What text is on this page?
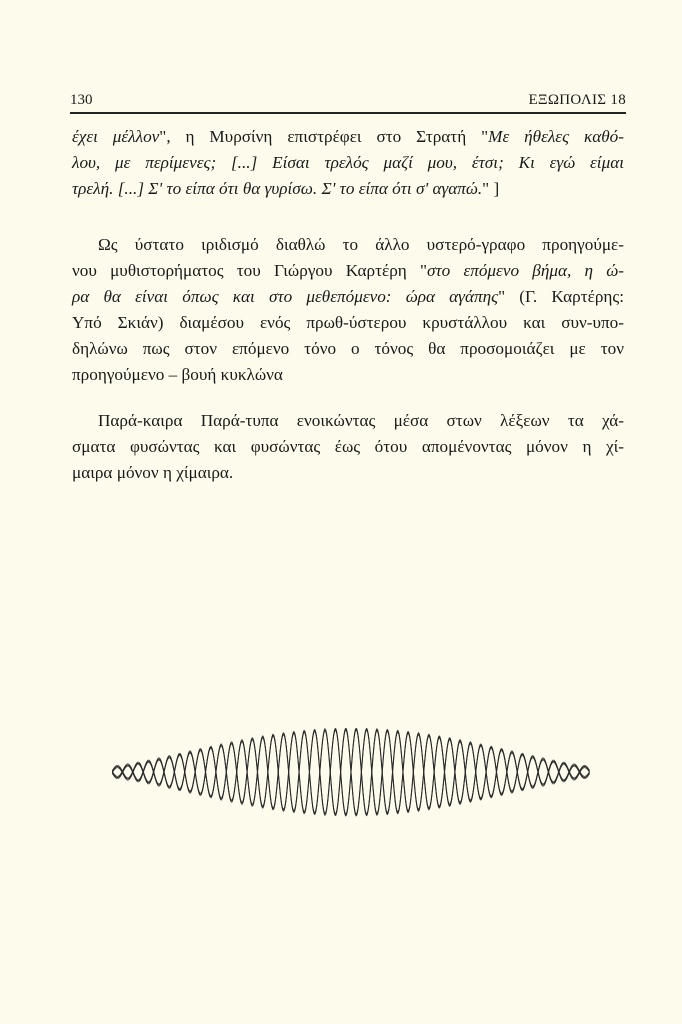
130	ΕΞΩΠΟΛΙΣ 18
έχει μέλλον", η Μυρσίνη επιστρέφει στο Στρατή "Με ήθελες καθό-
λου, με περίμενες; [...] Είσαι τρελός μαζί μου, έτσι; Κι εγώ είμαι
τρελή. [...] Σ' το είπα ότι θα γυρίσω. Σ' το είπα ότι σ' αγαπώ." ]
Ως ύστατο ιριδισμό διαθλώ το άλλο υστερό-γραφο προηγούμε-
νου μυθιστορήματος του Γιώργου Καρτέρη "στο επόμενο βήμα, η ώ-
ρα θα είναι όπως και στο μεθεπόμενο: ώρα αγάπης" (Γ. Καρτέρης:
Υπό Σκιάν) διαμέσου ενός πρωθ-ύστερου κρυστάλλου και συν-υπο-
δηλώνω πως στον επόμενο τόνο ο τόνος θα προσομοιάζει με τον
προηγούμενο – βουή κυκλώνα
Παρά-καιρα Παρά-τυπα ενοικώντας μέσα στων λέξεων τα χά-
σματα φυσώντας και φυσώντας έως ότου απομένοντας μόνον η χί-
μαιρα μόνον η χίμαιρα.
